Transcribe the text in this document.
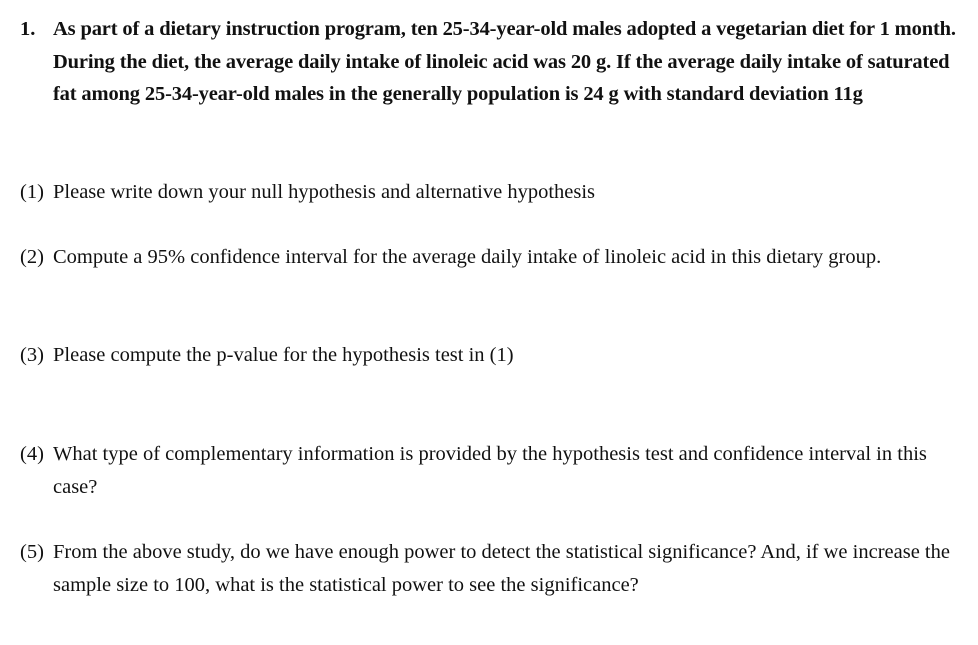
1. As part of a dietary instruction program, ten 25-34-year-old males adopted a vegetarian diet for 1 month. During the diet, the average daily intake of linoleic acid was 20 g. If the average daily intake of saturated fat among 25-34-year-old males in the generally population is 24 g with standard deviation 11g
(1) Please write down your null hypothesis and alternative hypothesis
(2) Compute a 95% confidence interval for the average daily intake of linoleic acid in this dietary group.
(3) Please compute the p-value for the hypothesis test in (1)
(4) What type of complementary information is provided by the hypothesis test and confidence interval in this case?
(5) From the above study, do we have enough power to detect the statistical significance? And, if we increase the sample size to 100, what is the statistical power to see the significance?
